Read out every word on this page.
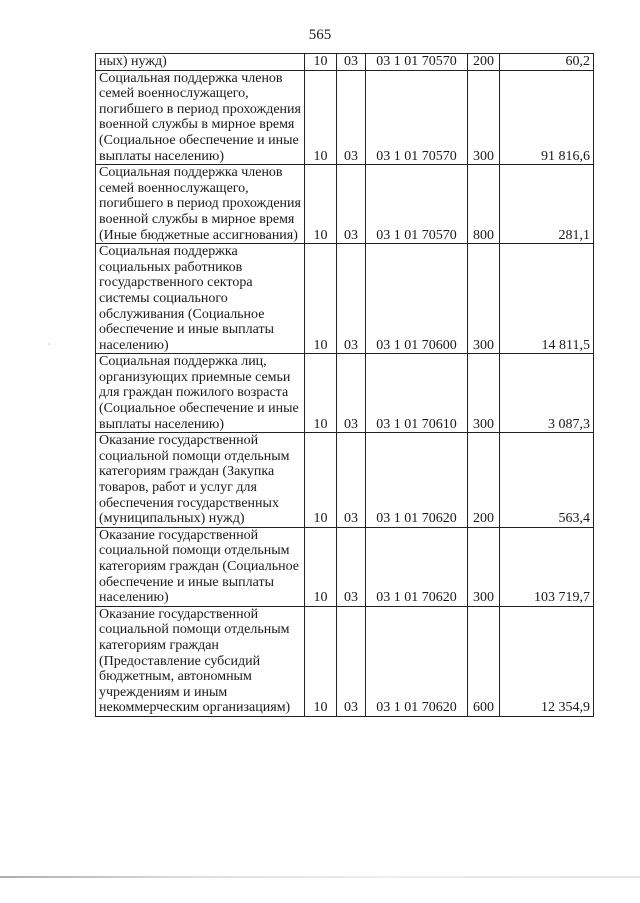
565
·
ных) нужд)	10	03	03 1 01 70570	200	60,2
Социальная поддержка членов семей военнослужащего, погибшего в период прохождения военной службы в мирное время (Социальное обеспечение и иные выплаты населению)	10	03	03 1 01 70570	300	91 816,6
Социальная поддержка членов семей военнослужащего, погибшего в период прохождения военной службы в мирное время (Иные бюджетные ассигнования)	10	03	03 1 01 70570	800	281,1
Социальная поддержка социальных работников государственного сектора системы социального обслуживания (Социальное обеспечение и иные выплаты населению)	10	03	03 1 01 70600	300	14 811,5
Социальная поддержка лиц, организующих приемные семьи для граждан пожилого возраста (Социальное обеспечение и иные выплаты населению)	10	03	03 1 01 70610	300	3 087,3
Оказание государственной социальной помощи отдельным категориям граждан (Закупка товаров, работ и услуг для обеспечения государственных (муниципальных) нужд)	10	03	03 1 01 70620	200	563,4
Оказание государственной социальной помощи отдельным категориям граждан (Социальное обеспечение и иные выплаты населению)	10	03	03 1 01 70620	300	103 719,7
Оказание государственной социальной помощи отдельным категориям граждан (Предоставление субсидий бюджетным, автономным учреждениям и иным некоммерческим организациям)	10	03	03 1 01 70620	600	12 354,9
